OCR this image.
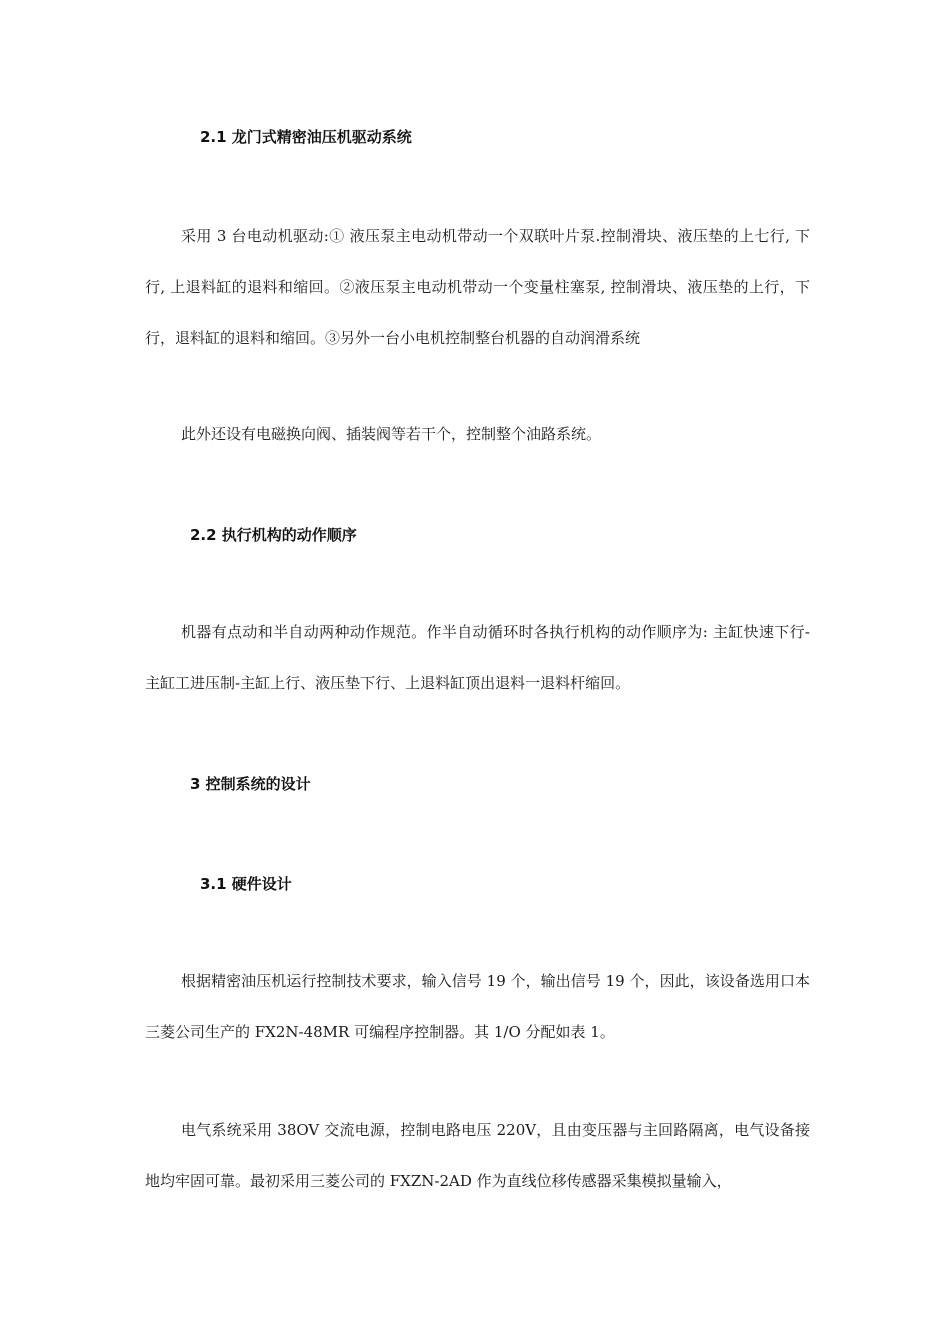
2.1 龙门式精密油压机驱动系统

采用 3 台电动机驱动:① 液压泵主电动机带动一个双联叶片泵.控制滑块、液压垫的上七行, 下行, 上退料缸的退料和缩回。②液压泵主电动机带动一个变量柱塞泵, 控制滑块、液压垫的上行，下行，退料缸的退料和缩回。③另外一台小电机控制整台机器的自动润滑系统

此外还设有电磁换向阀、插装阀等若干个，控制整个油路系统。

2.2 执行机构的动作顺序

机器有点动和半自动两种动作规范。作半自动循环时各执行机构的动作顺序为: 主缸快速下行-主缸工进压制-主缸上行、液压垫下行、上退料缸顶出退料一退料杆缩回。

3 控制系统的设计
3.1 硬件设计

根据精密油压机运行控制技术要求，输入信号 19 个，输出信号 19 个，因此，该设备选用口本三菱公司生产的 FX2N-48MR 可编程序控制器。其 1/O 分配如表 1。

电气系统采用 38OV 交流电源，控制电路电压 220V，且由变压器与主回路隔离，电气设备接地均牢固可靠。最初采用三菱公司的 FXZN-2AD 作为直线位移传感器采集模拟量输入，
